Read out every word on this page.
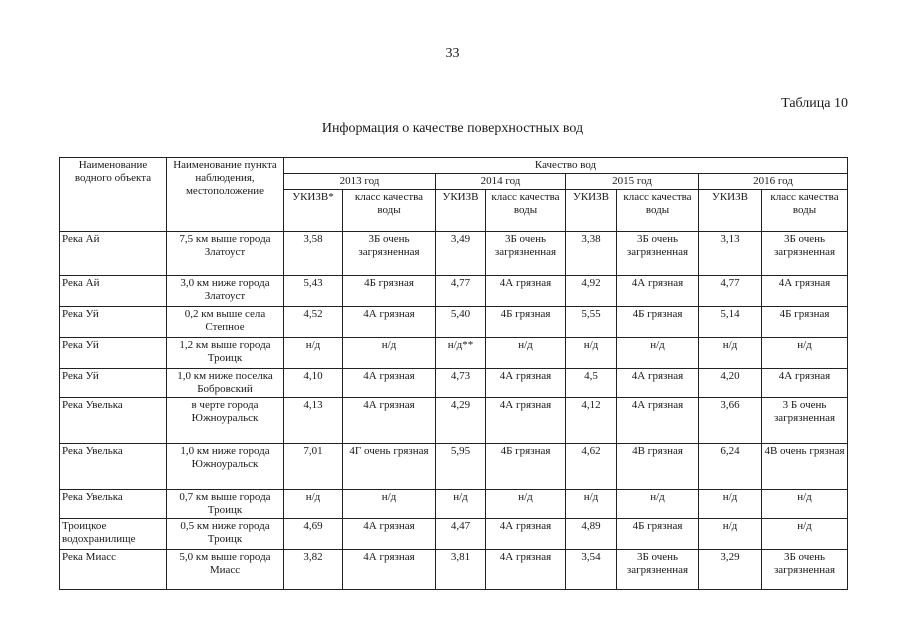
33
Таблица 10
Информация о качестве поверхностных вод
Наименование водного объекта	Наименование пункта наблюдения, местоположение	Качество вод							
		2013 год		2014 год		2015 год		2016 год	
		УКИЗВ*	класс качества воды	УКИЗВ	класс качества воды	УКИЗВ	класс качества воды	УКИЗВ	класс качества воды
Река Ай	7,5 км выше города Златоуст	3,58	3Б очень загрязненная	3,49	3Б очень загрязненная	3,38	3Б очень загрязненная	3,13	3Б очень загрязненная
Река Ай	3,0 км ниже города Златоуст	5,43	4Б грязная	4,77	4А грязная	4,92	4А грязная	4,77	4А грязная
Река Уй	0,2 км выше села Степное	4,52	4А грязная	5,40	4Б грязная	5,55	4Б грязная	5,14	4Б грязная
Река Уй	1,2 км выше города Троицк	н/д	н/д	н/д**	н/д	н/д	н/д	н/д	н/д
Река Уй	1,0 км ниже поселка Бобровский	4,10	4А грязная	4,73	4А грязная	4,5	4А грязная	4,20	4А грязная
Река Увелька	в черте города Южноуральск	4,13	4А грязная	4,29	4А грязная	4,12	4А грязная	3,66	3 Б очень загрязненная
Река Увелька	1,0 км ниже города Южноуральск	7,01	4Г очень грязная	5,95	4Б грязная	4,62	4В грязная	6,24	4В очень грязная
Река Увелька	0,7 км выше города Троицк	н/д	н/д	н/д	н/д	н/д	н/д	н/д	н/д
Троицкое водохранилище	0,5 км ниже города Троицк	4,69	4А грязная	4,47	4А грязная	4,89	4Б грязная	н/д	н/д
Река Миасс	5,0 км выше города Миасс	3,82	4А грязная	3,81	4А грязная	3,54	3Б очень загрязненная	3,29	3Б очень загрязненная
